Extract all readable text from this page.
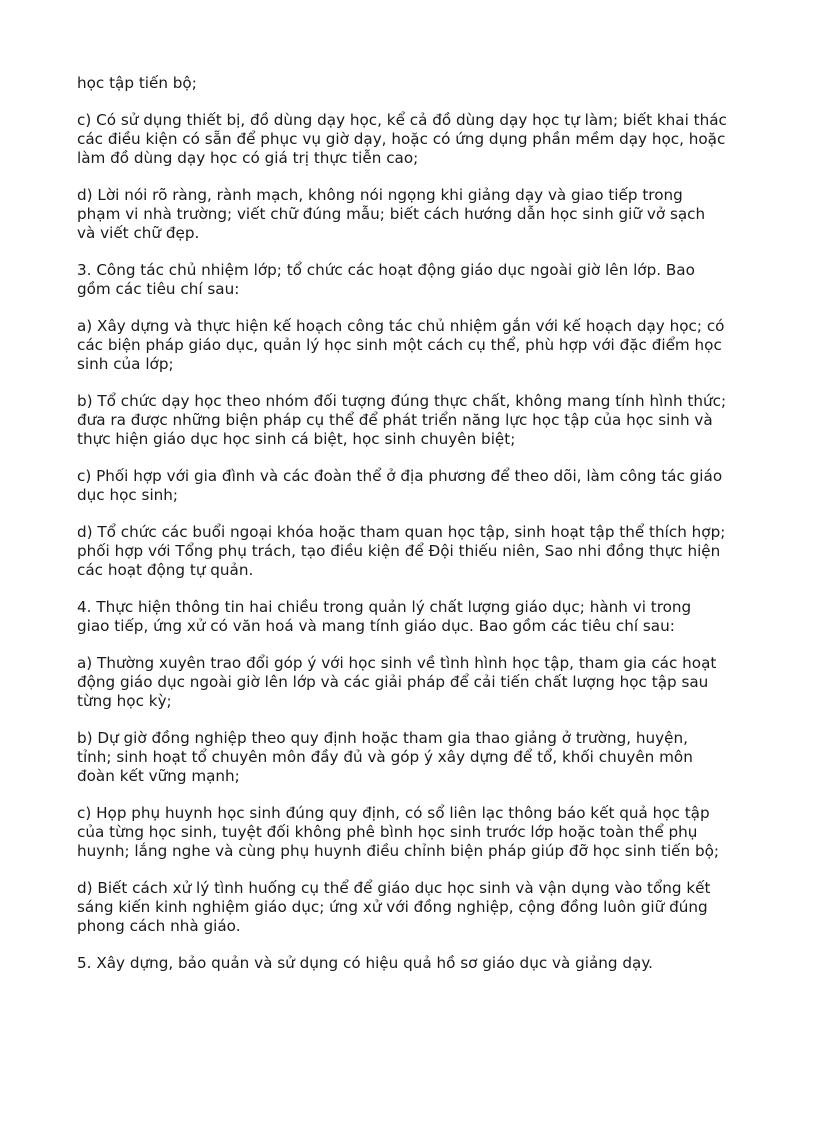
học tập tiến bộ;

c) Có sử dụng thiết bị, đồ dùng dạy học, kể cả đồ dùng dạy học tự làm; biết khai thác các điều kiện có sẵn để phục vụ giờ dạy, hoặc có ứng dụng phần mềm dạy học, hoặc làm đồ dùng dạy học có giá trị thực tiễn cao;

d) Lời nói rõ ràng, rành mạch, không nói ngọng khi giảng dạy và giao tiếp trong phạm vi nhà trường; viết chữ đúng mẫu; biết cách hướng dẫn học sinh giữ vở sạch và viết chữ đẹp.

3. Công tác chủ nhiệm lớp; tổ chức các hoạt động giáo dục ngoài giờ lên lớp. Bao gồm các tiêu chí sau:

a) Xây dựng và thực hiện kế hoạch công tác chủ nhiệm gắn với kế hoạch dạy học; có các biện pháp giáo dục, quản lý học sinh một cách cụ thể, phù hợp với đặc điểm học sinh của lớp;

b) Tổ chức dạy học theo nhóm đối tượng đúng thực chất, không mang tính hình thức; đưa ra được những biện pháp cụ thể để phát triển năng lực học tập của học sinh và thực hiện giáo dục học sinh cá biệt, học sinh chuyên biệt;

c) Phối hợp với gia đình và các đoàn thể ở địa phương để theo dõi, làm công tác giáo dục học sinh;

d) Tổ chức các buổi ngoại khóa hoặc tham quan học tập, sinh hoạt tập thể thích hợp; phối hợp với Tổng phụ trách, tạo điều kiện để Đội thiếu niên, Sao nhi đồng thực hiện các hoạt động tự quản.

4. Thực hiện thông tin hai chiều trong quản lý chất lượng giáo dục; hành vi trong giao tiếp, ứng xử có văn hoá và mang tính giáo dục. Bao gồm các tiêu chí sau:

a) Thường xuyên trao đổi góp ý với học sinh về tình hình học tập, tham gia các hoạt động giáo dục ngoài giờ lên lớp và các giải pháp để cải tiến chất lượng học tập sau từng học kỳ;

b) Dự giờ đồng nghiệp theo quy định hoặc tham gia thao giảng ở trường, huyện, tỉnh; sinh hoạt tổ chuyên môn đầy đủ và góp ý xây dựng để tổ, khối chuyên môn đoàn kết vững mạnh;

c) Họp phụ huynh học sinh đúng quy định, có sổ liên lạc thông báo kết quả học tập của từng học sinh, tuyệt đối không phê bình học sinh trước lớp hoặc toàn thể phụ huynh; lắng nghe và cùng phụ huynh điều chỉnh biện pháp giúp đỡ học sinh tiến bộ;

d) Biết cách xử lý tình huống cụ thể để giáo dục học sinh và vận dụng vào tổng kết sáng kiến kinh nghiệm giáo dục; ứng xử với đồng nghiệp, cộng đồng luôn giữ đúng phong cách nhà giáo.

5. Xây dựng, bảo quản và sử dụng có hiệu quả hồ sơ giáo dục và giảng dạy.
